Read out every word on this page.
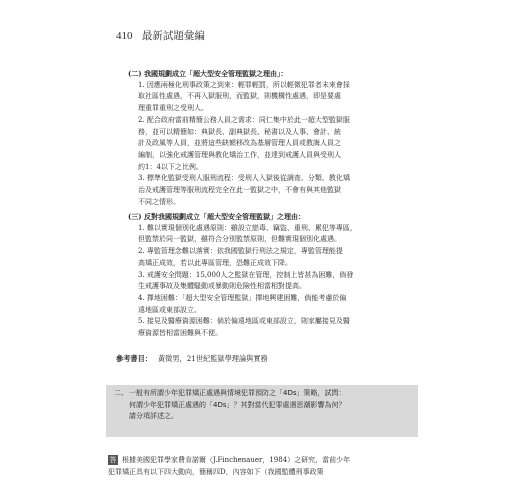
410 最新試題彙編
(二) 我國規劃成立「超大型安全管理監獄之理由」：
1. 因應兩極化刑事政策之到來：輕罪輕罰，所以輕微犯罪者未來會採
取社區性處遇，不再入獄服刑，而監獄，則機構性處遇，即是要處
理重罪重刑之受刑人。
2. 配合政府當前精簡公務人員之需求：同仁集中於此一超大型監獄服
務，並可以精簡如：典獄長、副典獄長、秘書以及人事、會計、統
計及政風等人員，並將這些缺額移改為基層管理人員或教誨人員之
編制，以強化戒護管理與教化矯治工作，並達到戒護人員與受刑人
約1：4以下之比例。
3. 標準化監獄受刑人服刑流程：受刑人入獄後從調查、分類、教化矯
治及戒護管理等服刑流程完全在此一監獄之中，不會有與其他監獄
不同之情形。
(三) 反對我國規劃成立「超大型安全管理監獄」之理由：
1. 難以實現個別化處遇原則：雖設立戀毒、竊盜、重刑、累犯等專區，
但監禁於同一監獄，雖符合分別監禁原則，但難實現個別化處遇。
2. 專監管理念難以落實：依我國監獄行刑法之規定，專監管理能提
高矯正成效，若以此專區管理，恐難正成效下降。
3. 戒護安全問題：15,000人之監獄在管理，控制上皆甚為困難，倘發
生戒護事故及集體騷動或暴動則危險性相當相對提高。
4. 擇地困難：「超大型安全管理監獄」擇地興建困難，倘能考慮於偏
遠地區或東部設立。
5. 接見及醫療資源困難：倘於偏遠地區或東部設立，則家屬接見及醫
療資源皆相當困難與不便。
參考書目： 黃徵男，21世紀監獄學理論與實務
二、 一般有所謂少年犯罪矯正處遇與情境犯罪預防之「4Ds」策略，試問：
何謂少年犯罪矯正處遇的「4Ds」？其對當代犯罪處遇思潮影響為何？
請分項詳述之。
答 根據美國犯罪學家費肯諾爾（J.Finchenauer，1984）之研究，當前少年
犯罪矯正具有以下四大動向，簡稱四D，內容如下（我國監體刑事政策
